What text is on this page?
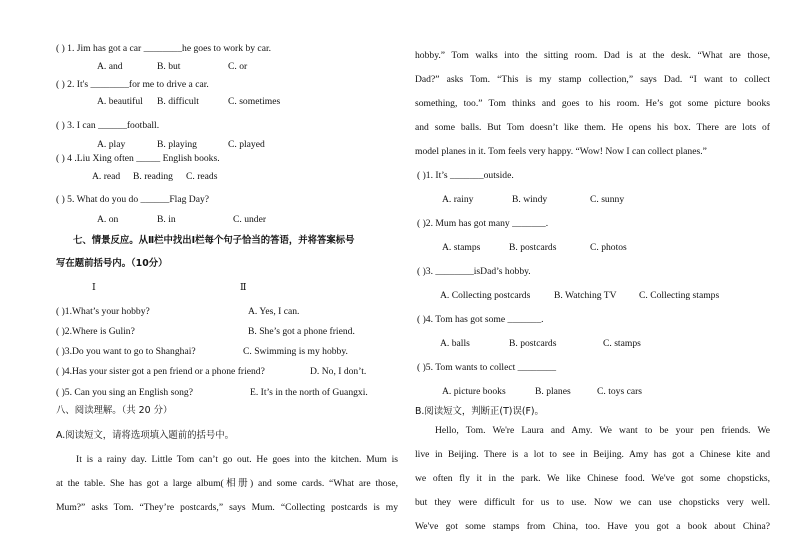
( ) 1. Jim has got a car ________he goes to work by car.
A. and	B. but	C. or
( ) 2. It's ________for me to drive a car.
A. beautiful B. difficult	C. sometimes
( ) 3. I can ______football.
A. play	B. playing	C. played
( ) 4 .Liu Xing often _____ English books.
A. read B. reading C. reads
( ) 5. What do you do ______Flag Day?
A. on	B. in	C. under
七、情景反应。从Ⅱ栏中找出Ⅰ栏每个句子恰当的答语，并将答案标号
写在题前括号内。（10分）
Ⅰ	Ⅱ
( )1.What’s your hobby?	A. Yes, I can.
( )2.Where is Gulin?	B. She’s got a phone friend.
( )3.Do you want to go to Shanghai?	C. Swimming is my hobby.
( )4.Has your sister got a pen friend or a phone friend?	D. No, I don’t.
( )5. Can you sing an English song?	E. It’s in the north of Guangxi.
八、阅读理解。（共 20 分）
A.阅读短文，请将选项填入题前的括号中。
It is a rainy day. Little Tom can’t go out. He goes into the kitchen. Mum is
at the table. She has got a large album(相册) and some cards. “What are those,
Mum?” asks Tom. “They’re postcards,” says Mum. “Collecting postcards is my
hobby.” Tom walks into the sitting room. Dad is at the desk. “What are those,
Dad?” asks Tom. “This is my stamp collection,” says Dad. “I want to collect
something, too.” Tom thinks and goes to his room. He’s got some picture books
and some balls. But Tom doesn’t like them. He opens his box. There are lots of
model planes in it. Tom feels very happy. “Wow! Now I can collect planes.”
( )1. It’s _______outside.
A. rainy	B. windy	C. sunny
( )2. Mum has got many _______.
A. stamps	B. postcards	C. photos
( )3. ________isDad’s hobby.
A. Collecting postcards B. Watching TV C. Collecting stamps
( )4. Tom has got some _______.
A. balls	B. postcards	C. stamps
( )5. Tom wants to collect ________
A. picture books	B. planes	C. toys cars
B.阅读短文，判断正(T)误(F)。
Hello, Tom. We're Laura and Amy. We want to be your pen friends. We
live in Beijing. There is a lot to see in Beijing. Amy has got a Chinese kite and
we often fly it in the park. We like Chinese food. We've got some chopsticks,
but they were difficult for us to use. Now we can use chopsticks very well.
We've got some stamps from China, too. Have you got a book about China?
